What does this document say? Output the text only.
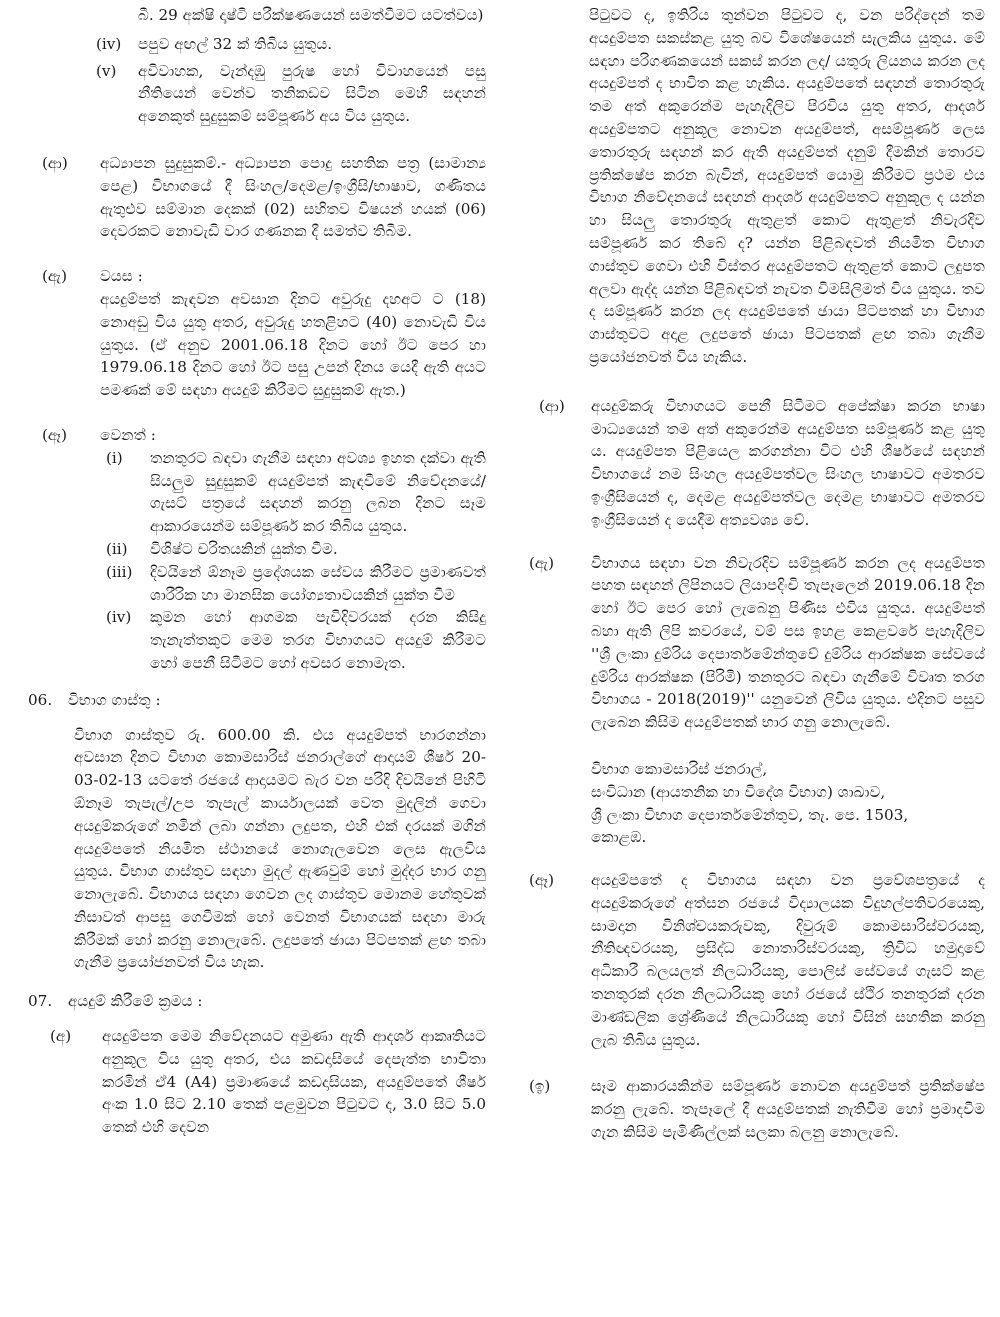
බී. 29 අක්ෂි දෘෂ්ටි පරීක්ෂණයෙන් සමත්වීමට යටත්වය)
(iv)	පපුව අඟල් 32 ක් තිබිය යුතුය.
(v)	අවිවාහක, වැන්දඹු පුරුෂ හෝ විවාහයෙන් පසු නීතියෙන් වෙන්ව තනිකඩව සිටින මෙහි සඳහන් අනෙකුත් සුදුසුකම් සම්පූර්ණ අය විය යුතුය.
(ආ)	අධ්‍යාපන සුදුසුකම්.- අධ්‍යාපන පොදු සහතික පත්‍ර (සාමාන්‍ය පෙළ) විභාගයේ දී සිංහල/දෙමළ/ඉංග්‍රීසි/භාෂාව, ගණිතය ඇතුළුව සම්මාන දෙකක් (02) සහිතව විෂයන් හයක් (06) දෙවරකට නොවැඩි වාර ගණනක දී සමත්ව තිබීම.
(ඇ)	වයස :
අයදුම්පත් කැඳවන අවසාන දිනට අවුරුදු දහඅට ට (18) නොඅඩු විය යුතු අතර, අවුරුදු හතළිහට (40) නොවැඩි විය යුතුය. (ඒ අනුව 2001.06.18 දිනට හෝ ඊට පෙර හා 1979.06.18 දිනට හෝ ඊට පසු උපන් දිනය යෙදී ඇති අයට පමණක් මේ සඳහා අයදුම් කිරීමට සුදුසුකම් ඇත.)
(ඈ)	වෙනත් :
(i)	තනතුරට බඳවා ගැනීම සඳහා අවශ්‍ය ඉහත දක්වා ඇති සියලුම සුදුසුකම් අයදුම්පත් කැඳවීමේ නිවේදනයේ/ගැසට් පත්‍රයේ සඳහන් කරනු ලබන දිනට සෑම ආකාරයෙන්ම සම්පූර්ණ කර තිබිය යුතුය.
(ii)	විශිෂ්ට චරිතයකින් යුක්ත වීම.
(iii)	දිවයිනේ ඕනෑම ප්‍රදේශයක සේවය කිරීමට ප්‍රමාණවත් ශාරීරික හා මානසික යෝග්‍යතාවයකින් යුක්ත වීම
(iv)	කුමන හෝ ආගමක පැවිදිවරයක් දරන කිසිදු තැනැත්තකුට මෙම තරග විභාගයට අයදුම් කිරීමට හෝ පෙනී සිටීමට හෝ අවසර නොමැත.
06.	විභාග ගාස්තු :
විභාග ගාස්තුව රු. 600.00 කි. එය අයදුම්පත් භාරගන්නා අවසාන දිනට විභාග කොමසාරිස් ජනරාල්ගේ ආදායම් ශීර්ෂ 20-03-02-13 යටතේ රජයේ ආදායමට බැර වන පරිදි දිවයිනේ පිහිටි ඕනෑම තැපැල්/උප තැපැල් කාර්යාලයක් වෙත මුදලින් ගෙවා අයදුම්කරුගේ නමින් ලබා ගන්නා ලදුපත, එහි එක් දරයක් මගින් අයදුම්පතේ නියමිත ස්ථානයේ නොගැලවෙන ලෙස ඇලවිය යුතුය. විභාග ගාස්තුව සඳහා මුදල් ඇණවුම් හෝ මුද්දර භාර ගනු නොලැබේ. විභාගය සඳහා ගෙවන ලද ගාස්තුව මොනම හේතුවක් නිසාවත් ආපසු ගෙවීමක් හෝ වෙනත් විභාගයක් සඳහා මාරු කිරීමක් හෝ කරනු නොලැබේ. ලදුපතේ ඡායා පිටපතක් ළඟ තබා ගැනීම ප්‍රයෝජනවත් විය හැක.
07.	අයදුම් කිරීමේ ක්‍රමය :
(අ)	අයදුම්පත මෙම නිවේදනයට අමුණා ඇති ආදර්ශ ආකෘතියට අනුකූල විය යුතු අතර, එය කඩදාසියේ දෙපැත්ත භාවිතා කරමින් ඒ4 (A4) ප්‍රමාණයේ කඩදාසියක, අයදුම්පතේ ශීර්ෂ අංක 1.0 සිට 2.10 තෙක් පළමුවන පිටුවට ද, 3.0 සිට 5.0 තෙක් එහි දෙවන
පිටුවට ද, ඉතිරිය තුන්වන පිටුවට ද, වන පරිද්දෙන් තම අයදුම්පත සකස්කළ යුතු බව විශේෂයෙන් සැලකිය යුතුය. මේ සඳහා පරිගණකයෙන් සකස් කරන ලද/ යතුරු ලියනය කරන ලද අයදුම්පත් ද භාවිත කළ හැකිය. අයදුම්පතේ සඳහන් තොරතුරු තම අත් අකුරෙන්ම පැහැදිලිව පිරවිය යුතු අතර, ආදර්ශ අයදුම්පතට අනුකූල නොවන අයදුම්පත්, අසම්පූර්ණ ලෙස තොරතුරු සඳහන් කර ඇති අයදුම්පත් දනුම් දීමකින් තොරව ප්‍රතික්ෂේප කරන බැවින්, අයදුම්පත් යොමු කිරීමට ප්‍රථම එය විභාග නිවේදනයේ සඳහන් ආදර්ශ අයදුම්පතට අනුකූල ද යන්න හා සියලු තොරතුරු ඇතුළත් කොට ඇතුළත් නිවැරදිව සම්පූර්ණ කර තිබේ ද? යන්න පිළිබඳවත් නියමිත විභාග ගාස්තුව ගෙවා එහි විස්තර අයදුම්පතට ඇතුළත් කොට ලදුපත අලවා ඇද්ද යන්න පිළිබඳවත් නැවත විමසිලිමත් විය යුතුය. තව ද සම්පූර්ණ කරන ලද අයදුම්පතේ ඡායා පිටපතක් හා විභාග ගාස්තුවට අදාළ ලදුපතේ ඡායා පිටපතක් ළඟ තබා ගැනීම ප්‍රයෝජනවත් විය හැකිය.
(ආ)	අයදුම්කරු විභාගයට පෙනී සිටීමට අපේක්ෂා කරන භාෂා මාධ්‍යයෙන් තම අත් අකුරෙන්ම අයදුම්පත සම්පූර්ණ කළ යුතු ය. අයදුම්පත පිළියෙල කරගන්නා විට එහි ශීර්ෂයේ සඳහන් විභාගයේ නම සිංහල අයදුම්පත්වල සිංහල භාෂාවට අමතරව ඉංග්‍රීසියෙන් ද, දෙමළ අයදුම්පත්වල දෙමළ භාෂාවට අමතරව ඉංග්‍රීසියෙන් ද යෙදීම අත්‍යවශ්‍ය වේ.
(ඇ)	විභාගය සඳහා වන නිවැරදිව සම්පූර්ණ කරන ලද අයදුම්පත පහත සඳහන් ලිපිනයට ලියාපදිංචි තැපෑලෙන් 2019.06.18 දින හෝ ඊට පෙර හෝ ලැබෙනු පිණිස එවිය යුතුය. අයදුම්පත් බහා ඇති ලිපි කවරයේ, වම් පස ඉහළ කෙළවරේ පැහැදිලිව ''ශ්‍රී ලංකා දුම්රිය දෙපාර්තමේන්තුවේ දුම්රිය ආරක්ෂක සේවයේ දුම්රිය ආරක්ෂක (පිරිමි) තනතුරට බඳවා ගැනීමේ විවෘත තරග විභාගය - 2018(2019)'' යනුවෙන් ලිවිය යුතුය. එදිනට පසුව ලැබෙන කිසිම අයදුම්පතක් භාර ගනු නොලැබේ.
විභාග කොමසාරිස් ජනරාල්,
සංවිධාන (ආයතනික හා විදේශ විභාග) ශාඛාව,
ශ්‍රී ලංකා විභාග දෙපාර්තමේන්තුව, තැ. පෙ. 1503,
කොළඹ.
(ඈ)	අයදුම්පතේ ද විභාගය සඳහා වන ප්‍රවේශපත්‍රයේ ද අයදුම්කරුගේ අත්සන රජයේ විද්‍යාලයක විදුහල්පතිවරයෙකු, සාමදාන විනිශ්චයකරුවකු, දිවුරුම් කොමසාරිස්වරයකු, නීතිඥවරයකු, ප්‍රසිද්ධ නොතාරිස්වරයකු, ත්‍රිවිධ හමුදාවේ අධිකාරී බලයලත් නිලධාරියකු, පොලිස් සේවයේ ගැසට් කළ තනතුරක් දරන නිලධාරියකු හෝ රජයේ ස්ථිර තනතුරක් දරන මාණ්ඩලික ශ්‍රේණියේ නිලධාරියකු හෝ විසින් සහතික කරනු ලැබ තිබිය යුතුය.
(ඉ)	සෑම ආකාරයකින්ම සම්පූර්ණ නොවන අයදුම්පත් ප්‍රතික්ෂේප කරනු ලැබේ. තැපෑලේ දී අයදුම්පතක් නැතිවීම හෝ ප්‍රමාදවීම ගැන කිසිම පැමිණිල්ලක් සලකා බලනු නොලැබේ.
